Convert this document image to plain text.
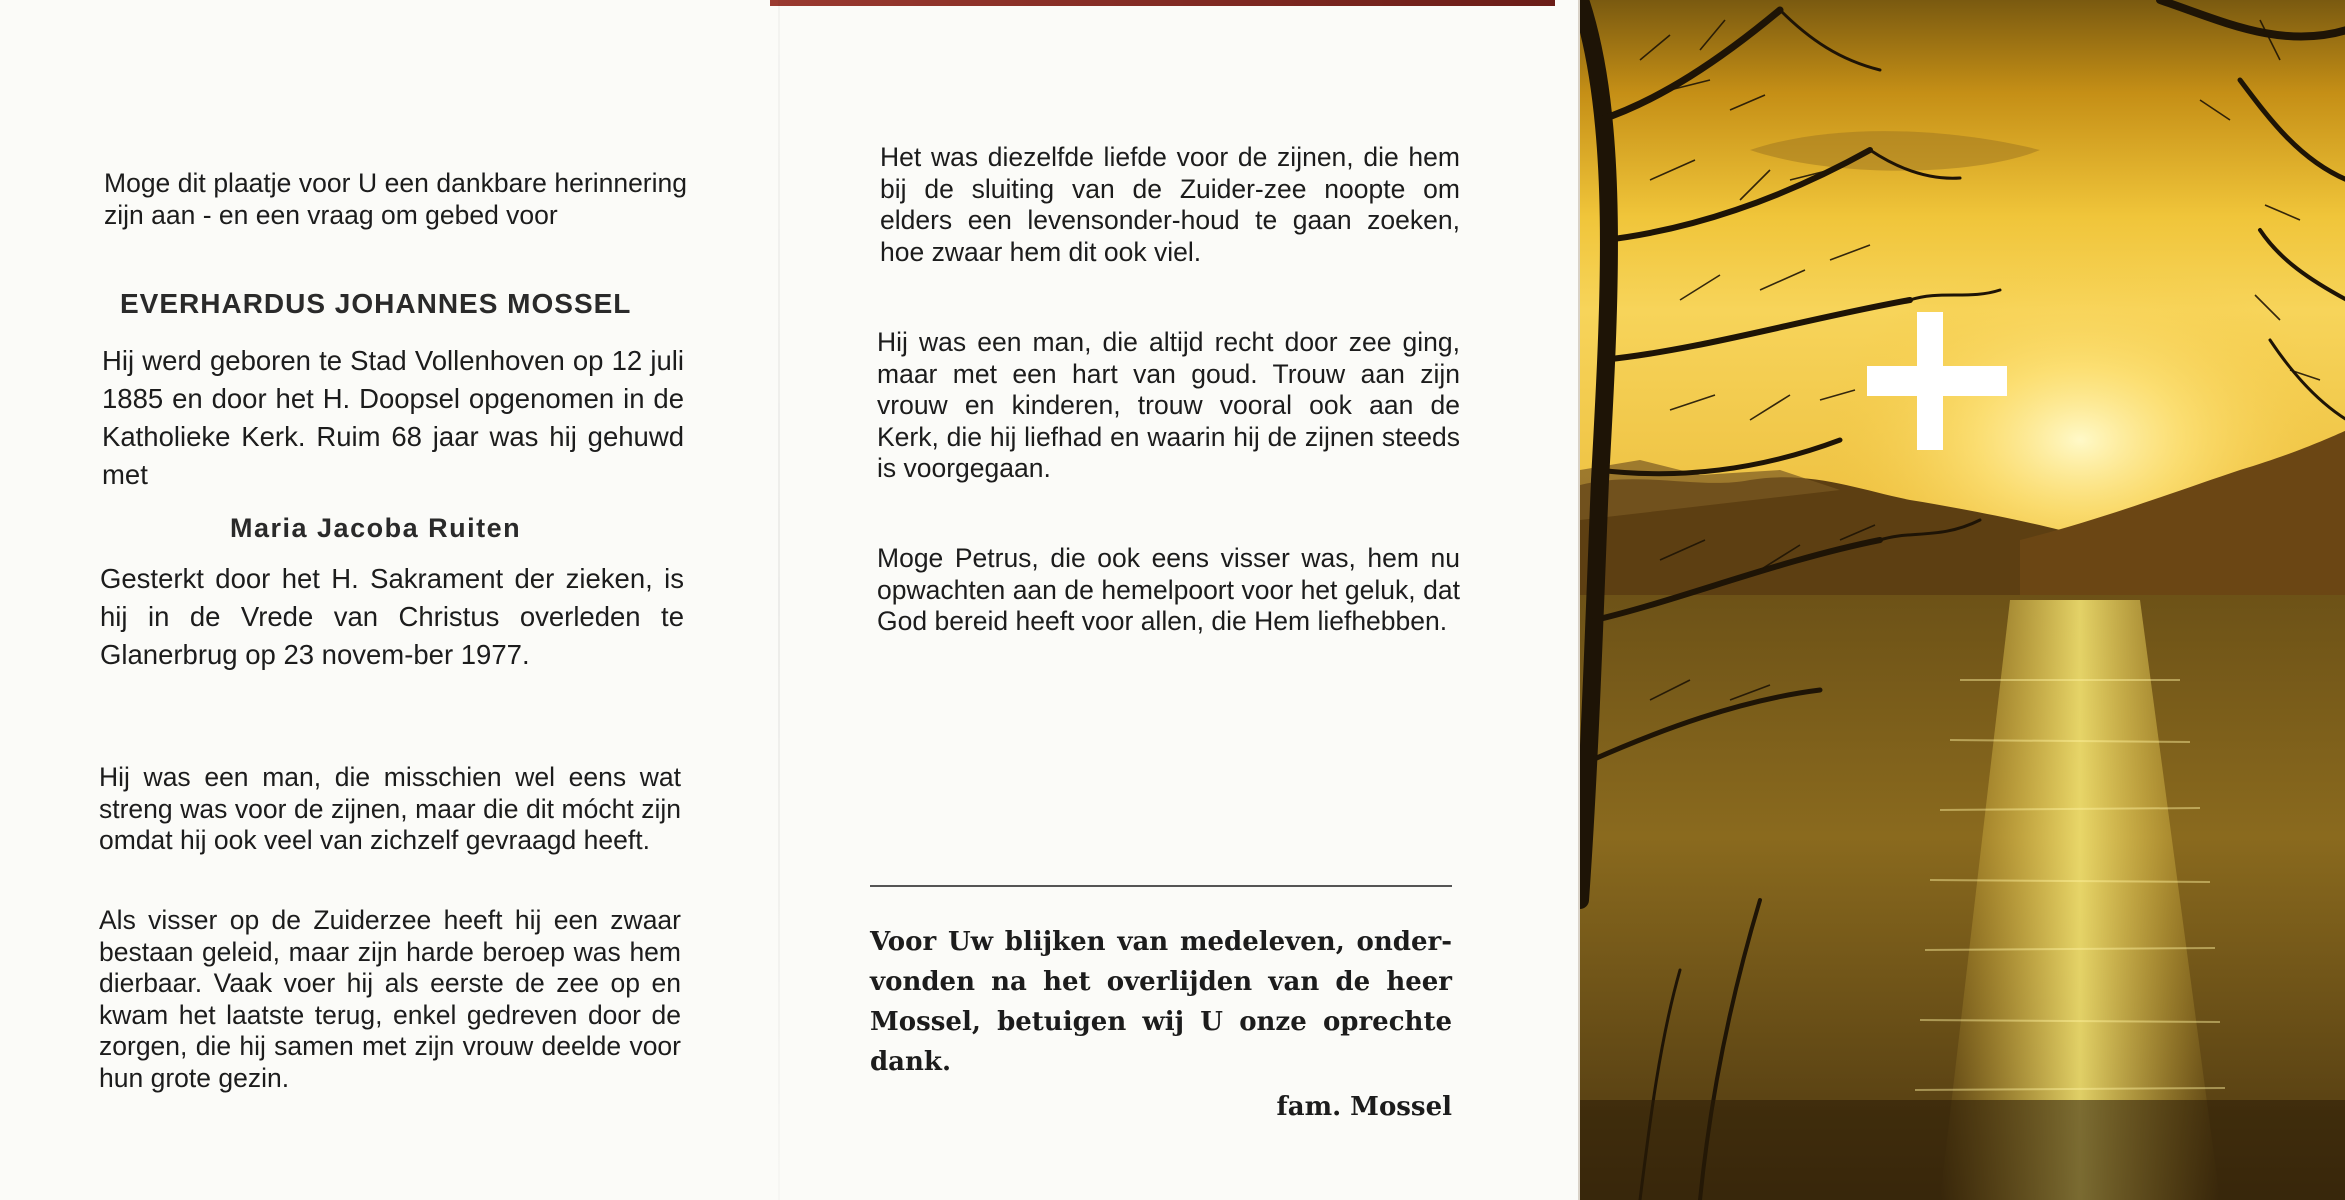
Moge dit plaatje voor U een dankbare herinnering zijn aan - en een vraag om gebed voor

EVERHARDUS JOHANNES MOSSEL

Hij werd geboren te Stad Vollenhoven op 12 juli 1885 en door het H. Doopsel opgenomen in de Katholieke Kerk. Ruim 68 jaar was hij gehuwd met

Maria Jacoba Ruiten

Gesterkt door het H. Sakrament der zieken, is hij in de Vrede van Christus overleden te Glanerbrug op 23 novem-ber 1977.

Hij was een man, die misschien wel eens wat streng was voor de zijnen, maar die dit mócht zijn omdat hij ook veel van zichzelf gevraagd heeft.

Als visser op de Zuiderzee heeft hij een zwaar bestaan geleid, maar zijn harde beroep was hem dierbaar. Vaak voer hij als eerste de zee op en kwam het laatste terug, enkel gedreven door de zorgen, die hij samen met zijn vrouw deelde voor hun grote gezin.

Het was diezelfde liefde voor de zijnen, die hem bij de sluiting van de Zuider-zee noopte om elders een levensonder-houd te gaan zoeken, hoe zwaar hem dit ook viel.

Hij was een man, die altijd recht door zee ging, maar met een hart van goud. Trouw aan zijn vrouw en kinderen, trouw vooral ook aan de Kerk, die hij liefhad en waarin hij de zijnen steeds is voorgegaan.

Moge Petrus, die ook eens visser was, hem nu opwachten aan de hemelpoort voor het geluk, dat God bereid heeft voor allen, die Hem liefhebben.

Voor Uw blijken van medeleven, onder-vonden na het overlijden van de heer Mossel, betuigen wij U onze oprechte dank.

fam. Mossel
